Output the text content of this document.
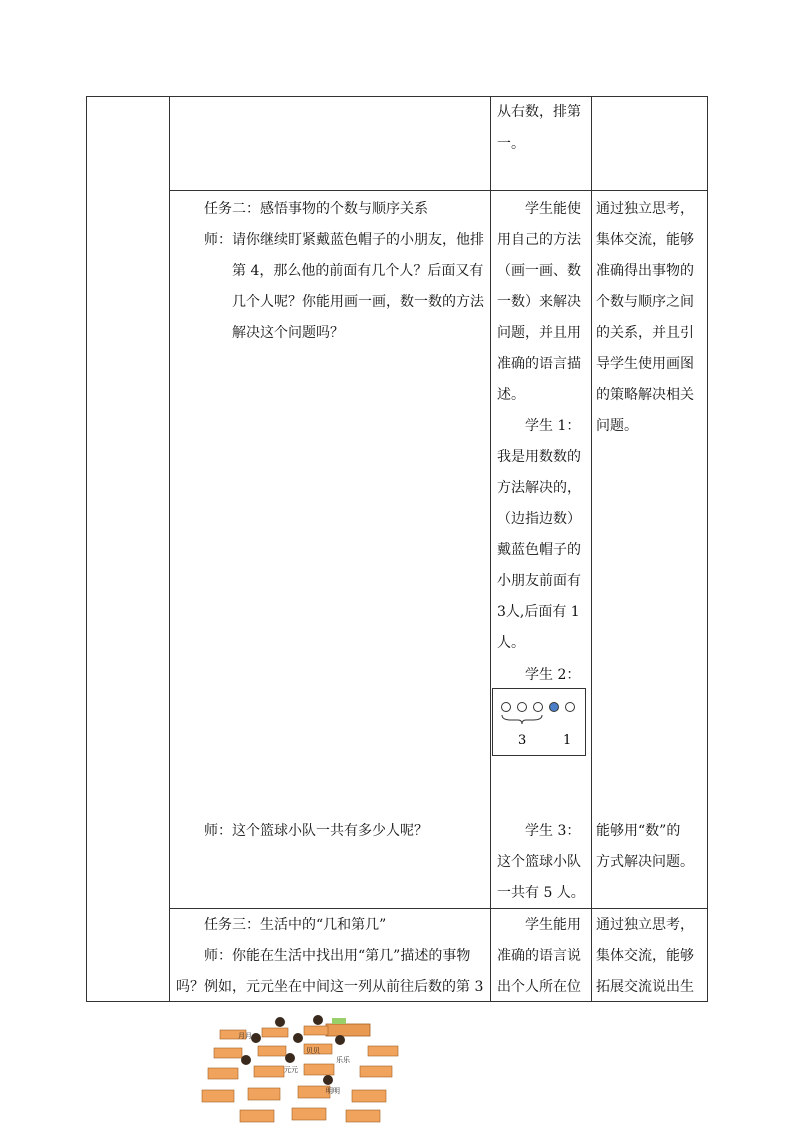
从右数，排第
一。
任务二：感悟事物的个数与顺序关系
师：请你继续盯紧戴蓝色帽子的小朋友，他排
第 4，那么他的前面有几个人？后面又有
几个人呢？你能用画一画，数一数的方法
解决这个问题吗？
学生能使
用自己的方法
（画一画、数
一数）来解决
问题，并且用
准确的语言描
述。
学生 1：
我是用数数的
方法解决的，
（边指边数）
戴蓝色帽子的
小朋友前面有
3人,后面有 1
人。
学生 2：
3	1
通过独立思考，
集体交流，能够
准确得出事物的
个数与顺序之间
的关系，并且引
导学生使用画图
的策略解决相关
问题。
师：这个篮球小队一共有多少人呢？	学生 3：
这个篮球小队
一共有 5 人。
能够用“数”的
方式解决问题。
任务三：生活中的“几和第几”
师：你能在生活中找出用“第几”描述的事物
吗？例如，元元坐在中间这一列从前往后数的第 3
学生能用
准确的语言说
出个人所在位
通过独立思考，
集体交流，能够
拓展交流说出生
月月
贝贝
元元
乐乐
明明
